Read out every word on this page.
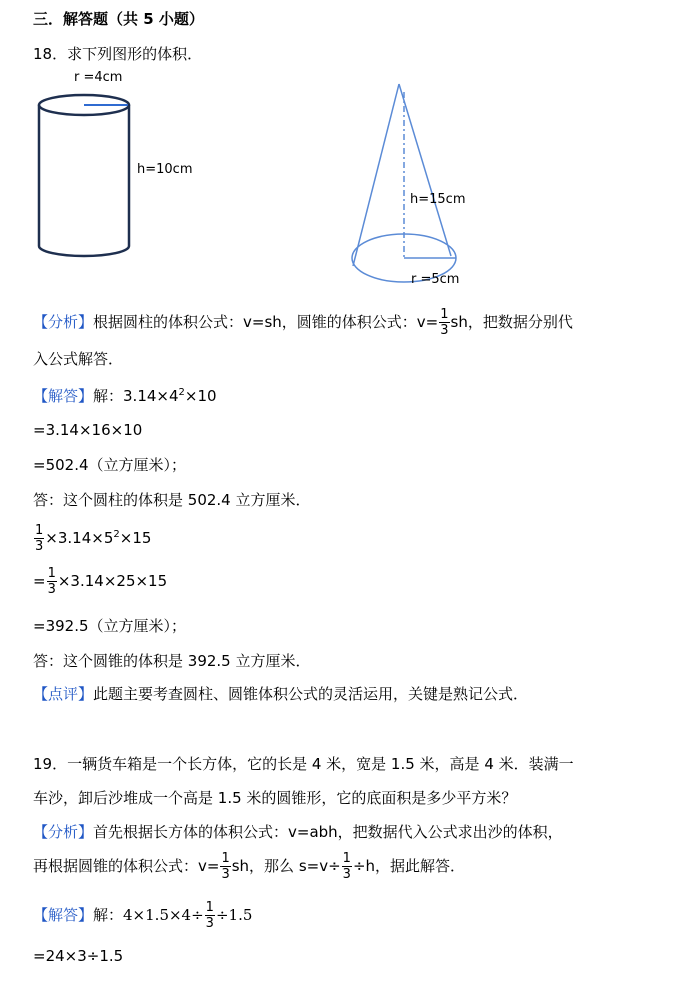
三．解答题（共 5 小题）
18．求下列图形的体积．
r =4cm
h=10cm
h=15cm
r =5cm
【分析】根据圆柱的体积公式：v=sh，圆锥的体积公式：$v= \frac{1}{3}$ sh，把数据分别代
入公式解答．
【解答】解：$3.14\times 4^2\times 10$
=3.14×16×10
=502.4（立方厘米）；
答：这个圆柱的体积是 502.4 立方厘米．
$\frac{1}{3} \times 3.14\times 5^2\times 15$
= $\frac{1}{3} \times 3.14\times 25\times 15$
=392.5（立方厘米）；
答：这个圆锥的体积是 392.5 立方厘米．
【点评】此题主要考查圆柱、圆锥体积公式的灵活运用，关键是熟记公式．
19．一辆货车箱是一个长方体，它的长是 4 米，宽是 1.5 米，高是 4 米．装满一
车沙，卸后沙堆成一个高是 1.5 米的圆锥形，它的底面积是多少平方米？
【分析】首先根据长方体的体积公式：v=abh，把数据代入公式求出沙的体积，
再根据圆锥的体积公式：$v= \frac{1}{3}$ sh，那么 $s=v\div \frac{1}{3} \div h$，据此解答．
【解答】解：$4\times 1.5\times 4\div \frac{1}{3} \div 1.5$
=24×3÷1.5
